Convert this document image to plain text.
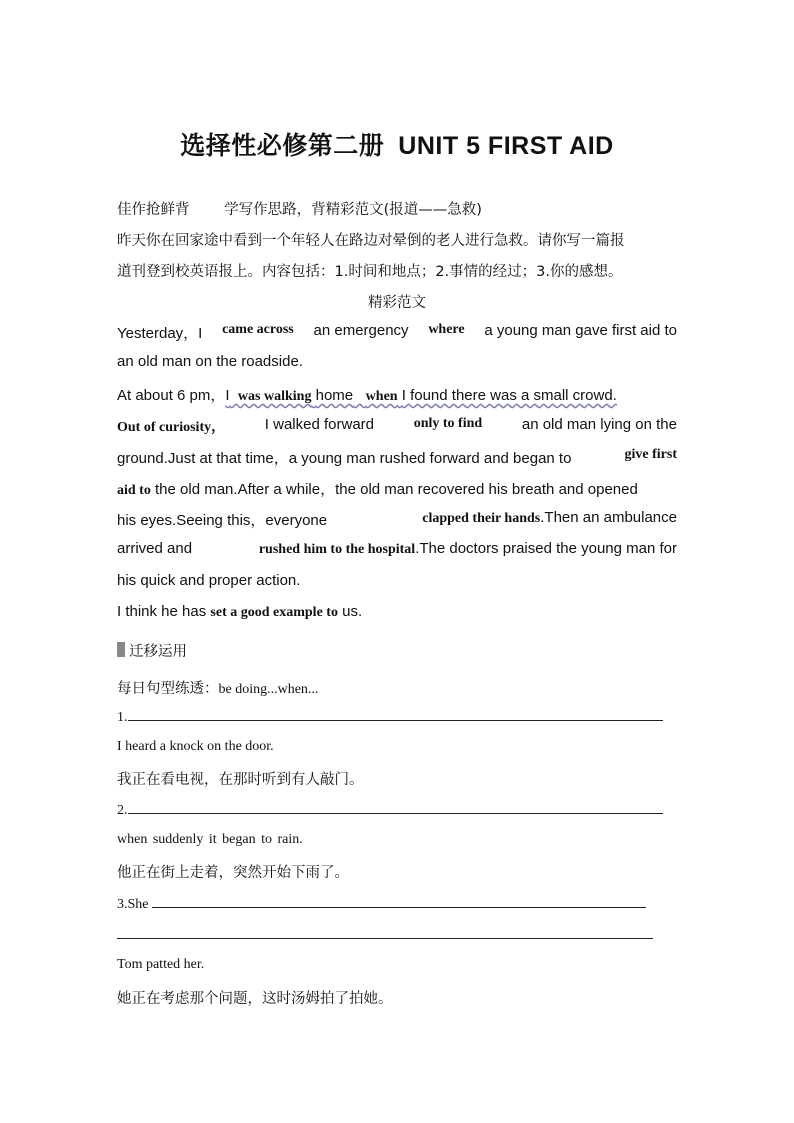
选择性必修第二册 UNIT 5 FIRST AID
佳作抢鲜背 学写作思路，背精彩范文(报道——急救)
昨天你在回家途中看到一个年轻人在路边对晕倒的老人进行急救。请你写一篇报
道刊登到校英语报上。内容包括：1.时间和地点；2.事情的经过；3.你的感想。
精彩范文
Yesterday，I came across an emergency where a young man gave first aid to
an old man on the roadside.
At about 6 pm，I was walking home when I found there was a small crowd.
Out of curiosity，	I walked forward	only to find	an old man lying on the
ground.Just at that time，a young man rushed forward and began to	give first
aid to the old man.After a while，the old man recovered his breath and opened
his eyes.Seeing this，everyone	clapped their hands.Then an ambulance
arrived and	rushed him to the hospital.The doctors praised the young man for
his quick and proper action.
I think he has set a good example to us.
迁移运用
每日句型练透：be doing...when...
1.
I heard a knock on the door.
我正在看电视，在那时听到有人敲门。
2.
when suddenly it began to rain.
他正在街上走着，突然开始下雨了。
3.She
Tom patted her.
她正在考虑那个问题，这时汤姆拍了拍她。
